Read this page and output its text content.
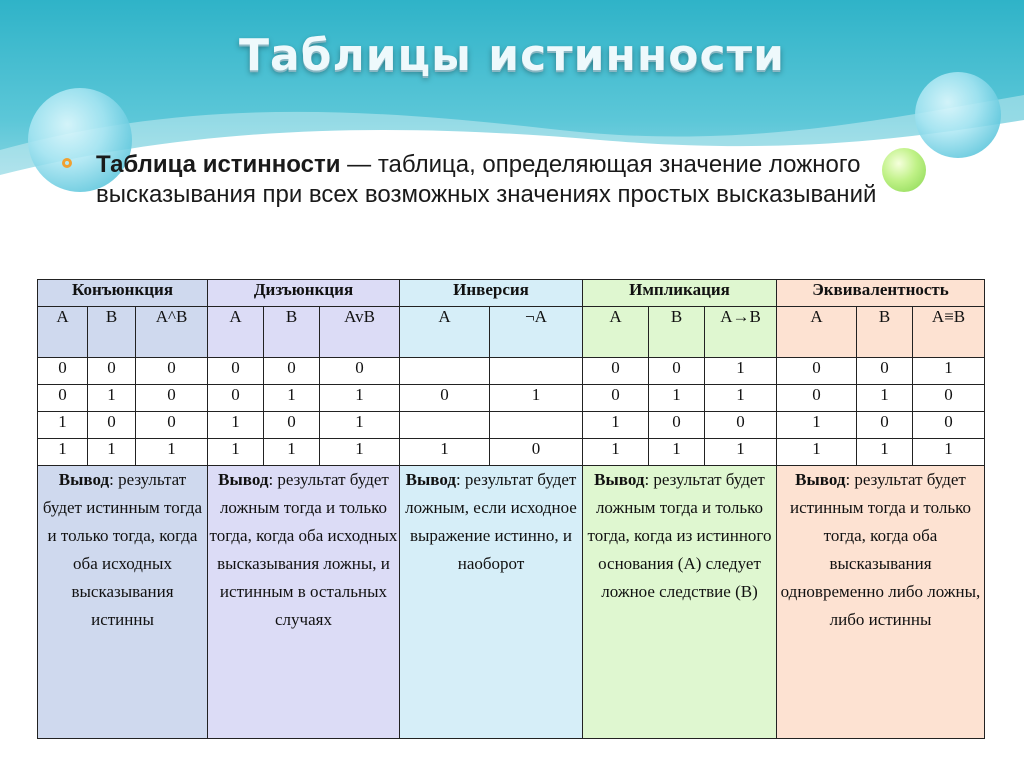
Таблицы истинности
Таблица истинности — таблица, определяющая значение ложного высказывания при всех возможных значениях простых высказываний
Конъюнкция			Дизъюнкция			Инверсия		Импликация			Эквивалентность		
A	B	A^B	A	B	AvB	A	¬A	A	B	A→B	A	B	A≡B
0	0	0	0	0	0			0	0	1	0	0	1
0	1	0	0	1	1	0	1	0	1	1	0	1	0
1	0	0	1	0	1			1	0	0	1	0	0
1	1	1	1	1	1	1	0	1	1	1	1	1	1
Вывод: результат будет истинным тогда и только тогда, когда оба исходных высказывания истинны			Вывод: результат будет ложным тогда и только тогда, когда оба исходных высказывания ложны, и истинным в остальных случаях			Вывод: результат будет ложным, если исходное выражение истинно, и наоборот		Вывод: результат будет ложным тогда и только тогда, когда из истинного основания (A) следует ложное следствие (B)			Вывод: результат будет истинным тогда и только тогда, когда оба высказывания одновременно либо ложны, либо истинны		
